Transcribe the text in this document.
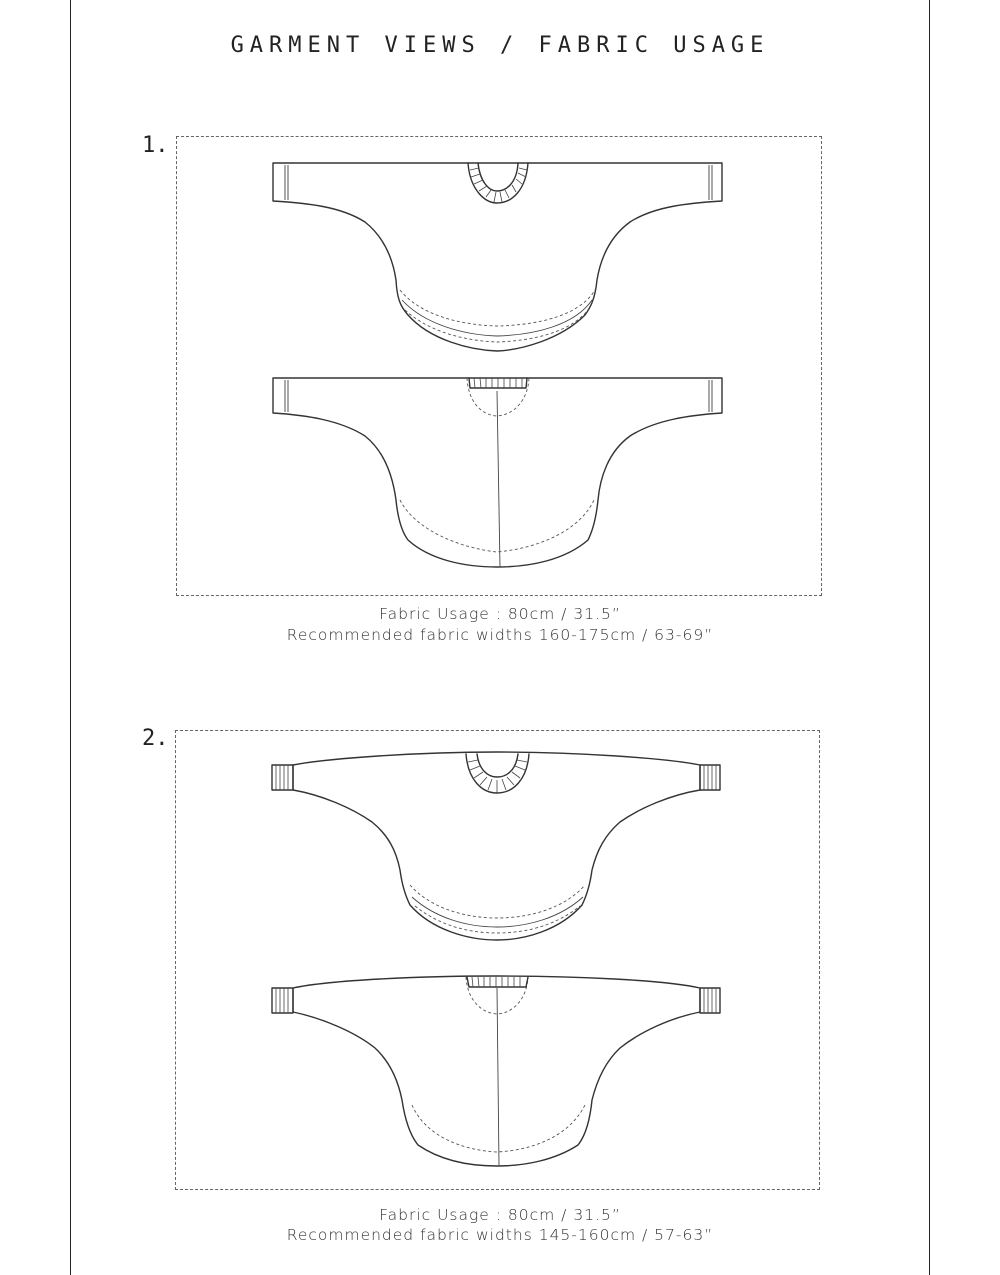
GARMENT VIEWS / FABRIC USAGE
1.
Fabric Usage : 80cm / 31.5”
Recommended fabric widths 160-175cm / 63-69”
2.
Fabric Usage : 80cm / 31.5”
Recommended fabric widths 145-160cm / 57-63”
